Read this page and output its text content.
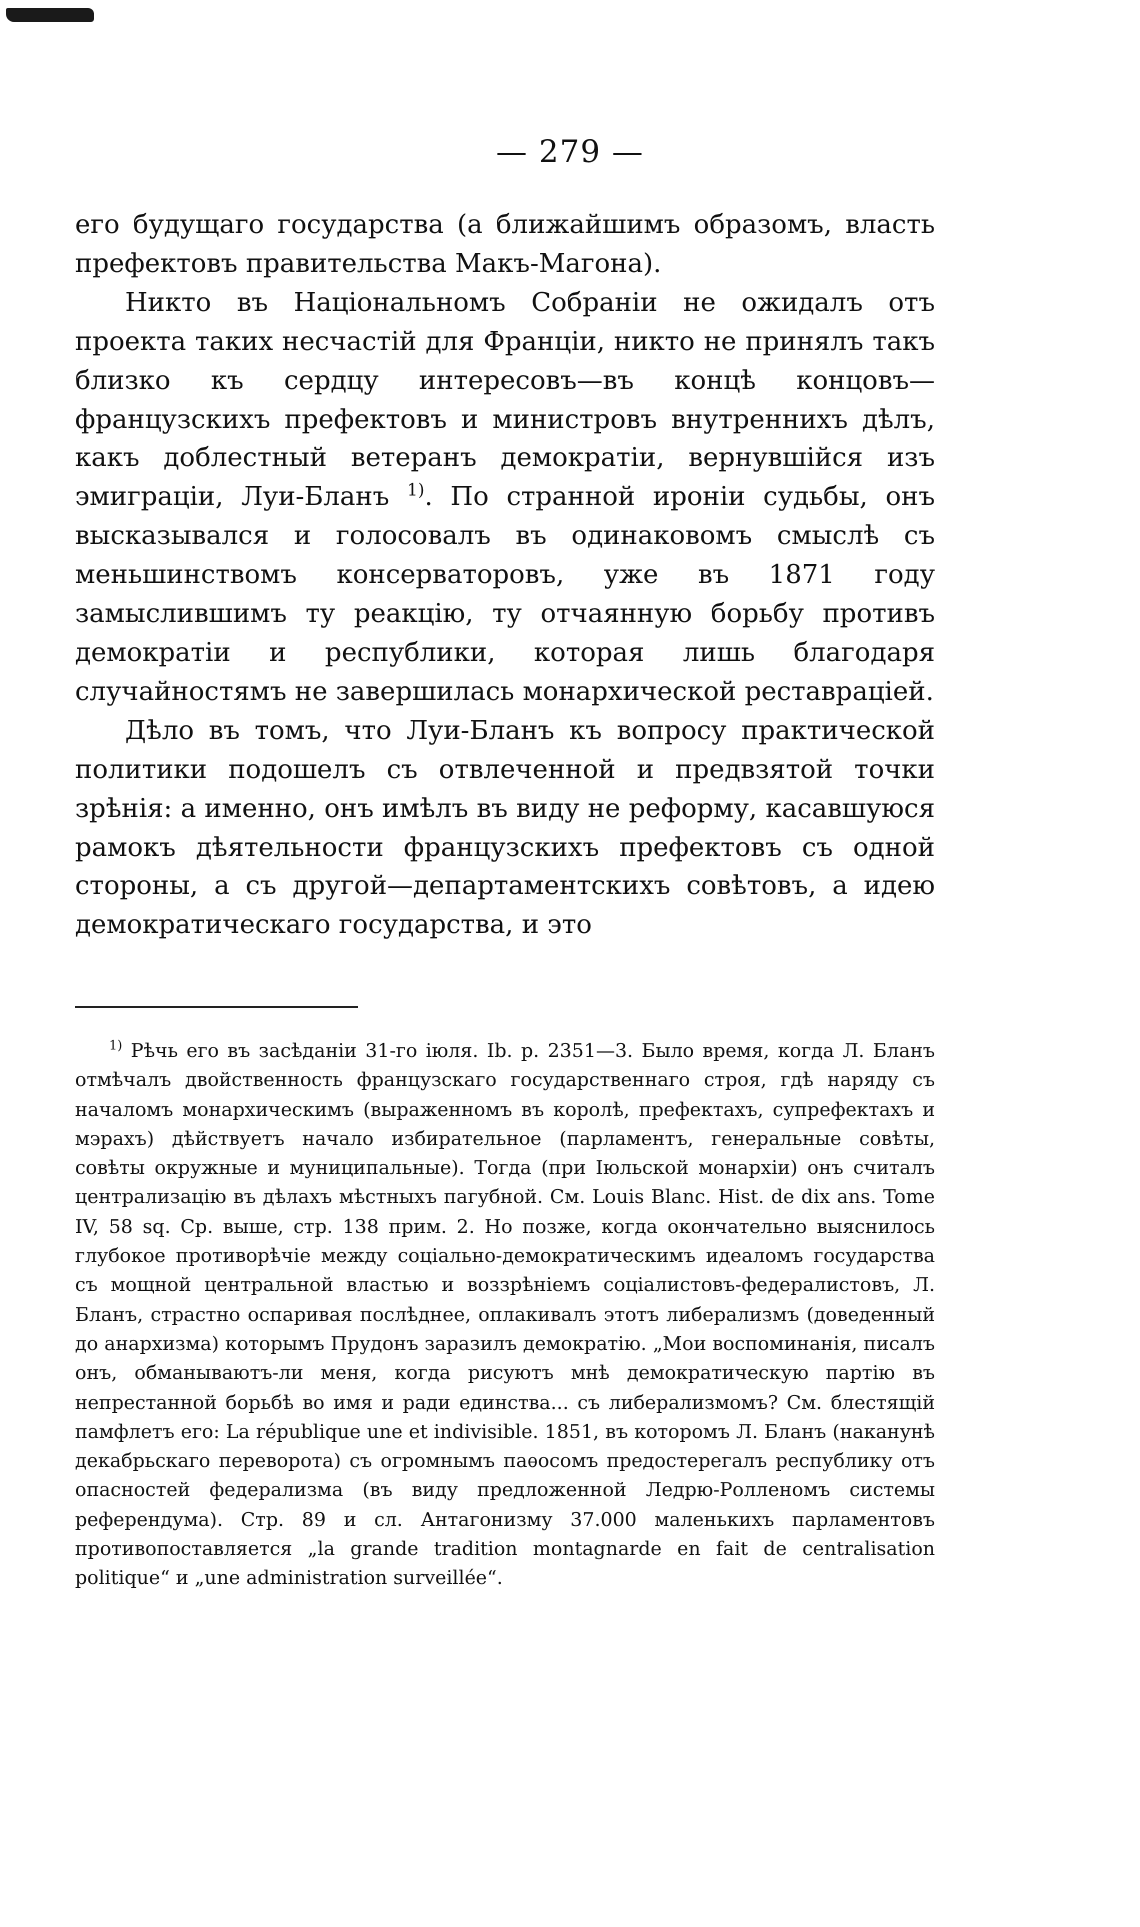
— 279 —

его будущаго государства (а ближайшимъ образомъ, власть префектовъ правительства Макъ-Магона).

Никто въ Національномъ Собраніи не ожидалъ отъ проекта таких несчастій для Франціи, никто не принялъ такъ близко къ сердцу интересовъ—въ концѣ концовъ—французскихъ префектовъ и министровъ внутреннихъ дѣлъ, какъ доблестный ветеранъ демократіи, вернувшійся изъ эмиграціи, Луи-Бланъ $^{1)}$. По странной ироніи судьбы, онъ высказывался и голосовалъ въ одинаковомъ смыслѣ съ меньшинствомъ консерваторовъ, уже въ 1871 году замыслившимъ ту реакцію, ту отчаянную борьбу противъ демократіи и республики, которая лишь благодаря случайностямъ не завершилась монархической реставраціей.

Дѣло въ томъ, что Луи-Бланъ къ вопросу практической политики подошелъ съ отвлеченной и предвзятой точки зрѣнія: а именно, онъ имѣлъ въ виду не реформу, касавшуюся рамокъ дѣятельности французскихъ префектовъ съ одной стороны, а съ другой—департаментскихъ совѣтовъ, а идею демократическаго государства, и это

$^{1)}$ Рѣчь его въ засѣданіи 31-го іюля. Ib. p. 2351—3. Было время, когда Л. Бланъ отмѣчалъ двойственность французскаго государственнаго строя, гдѣ наряду съ началомъ монархическимъ (выраженномъ въ королѣ, префектахъ, супрефектахъ и мэрахъ) дѣйствуетъ начало избирательное (парламентъ, генеральные совѣты, совѣты окружные и муниципальные). Тогда (при Іюльской монархіи) онъ считалъ централизацію въ дѣлахъ мѣстныхъ пагубной. См. Louis Blanc. Hist. de dix ans. Tome IV, 58 sq. Ср. выше, стр. 138 прим. 2. Но позже, когда окончательно выяснилось глубокое противорѣчіе между соціально-демократическимъ идеаломъ государства съ мощной центральной властью и воззрѣніемъ соціалистовъ-федералистовъ, Л. Бланъ, страстно оспаривая послѣднее, оплакивалъ этотъ либерализмъ (доведенный до анархизма) которымъ Прудонъ заразилъ демократію. „Мои воспоминанія, писалъ онъ, обманываютъ-ли меня, когда рисуютъ мнѣ демократическую партію въ непрестанной борьбѣ во имя и ради единства... съ либерализмомъ? См. блестящій памфлетъ его: La république une et indivisible. 1851, въ которомъ Л. Бланъ (наканунѣ декабрьскаго переворота) съ огромнымъ паѳосомъ предостерегалъ республику отъ опасностей федерализма (въ виду предложенной Ледрю-Ролленомъ системы референдума). Стр. 89 и сл. Антагонизму 37.000 маленькихъ парламентовъ противопоставляется „la grande tradition montagnarde en fait de centralisation politique“ и „une administration surveillée“.
